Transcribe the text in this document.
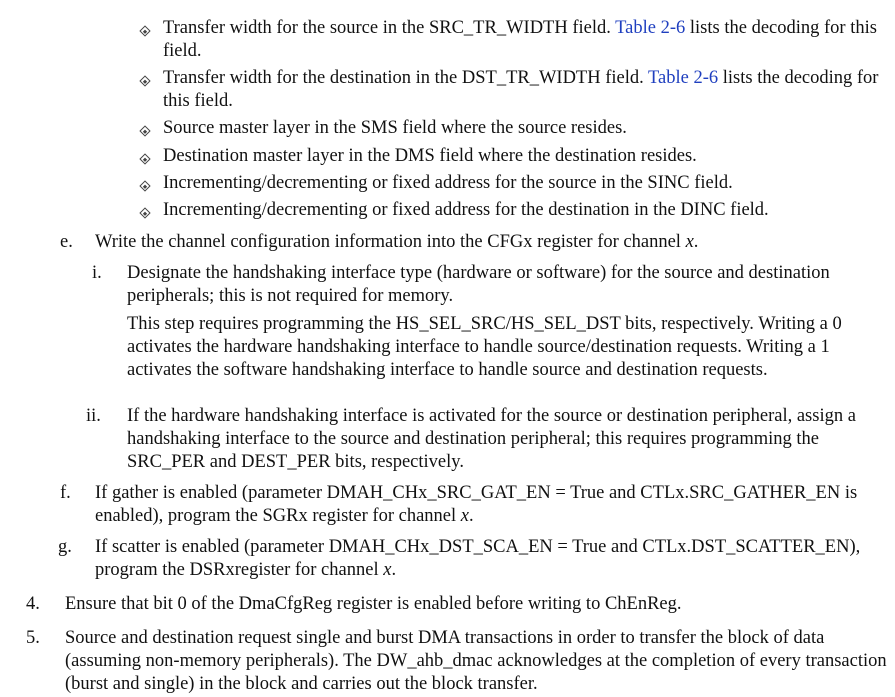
Transfer width for the source in the SRC_TR_WIDTH field. Table 2-6 lists the decoding for this field.
Transfer width for the destination in the DST_TR_WIDTH field. Table 2-6 lists the decoding for this field.
Source master layer in the SMS field where the source resides.
Destination master layer in the DMS field where the destination resides.
Incrementing/decrementing or fixed address for the source in the SINC field.
Incrementing/decrementing or fixed address for the destination in the DINC field.
e. Write the channel configuration information into the CFGx register for channel x.
i. Designate the handshaking interface type (hardware or software) for the source and destination peripherals; this is not required for memory.

This step requires programming the HS_SEL_SRC/HS_SEL_DST bits, respectively. Writing a 0 activates the hardware handshaking interface to handle source/destination requests. Writing a 1 activates the software handshaking interface to handle source and destination requests.

ii. If the hardware handshaking interface is activated for the source or destination peripheral, assign a handshaking interface to the source and destination peripheral; this requires programming the SRC_PER and DEST_PER bits, respectively.
f. If gather is enabled (parameter DMAH_CHx_SRC_GAT_EN = True and CTLx.SRC_GATHER_EN is enabled), program the SGRx register for channel x.
g. If scatter is enabled (parameter DMAH_CHx_DST_SCA_EN = True and CTLx.DST_SCATTER_EN), program the DSRxregister for channel x.
4. Ensure that bit 0 of the DmaCfgReg register is enabled before writing to ChEnReg.
5. Source and destination request single and burst DMA transactions in order to transfer the block of data (assuming non-memory peripherals). The DW_ahb_dmac acknowledges at the completion of every transaction (burst and single) in the block and carries out the block transfer.
